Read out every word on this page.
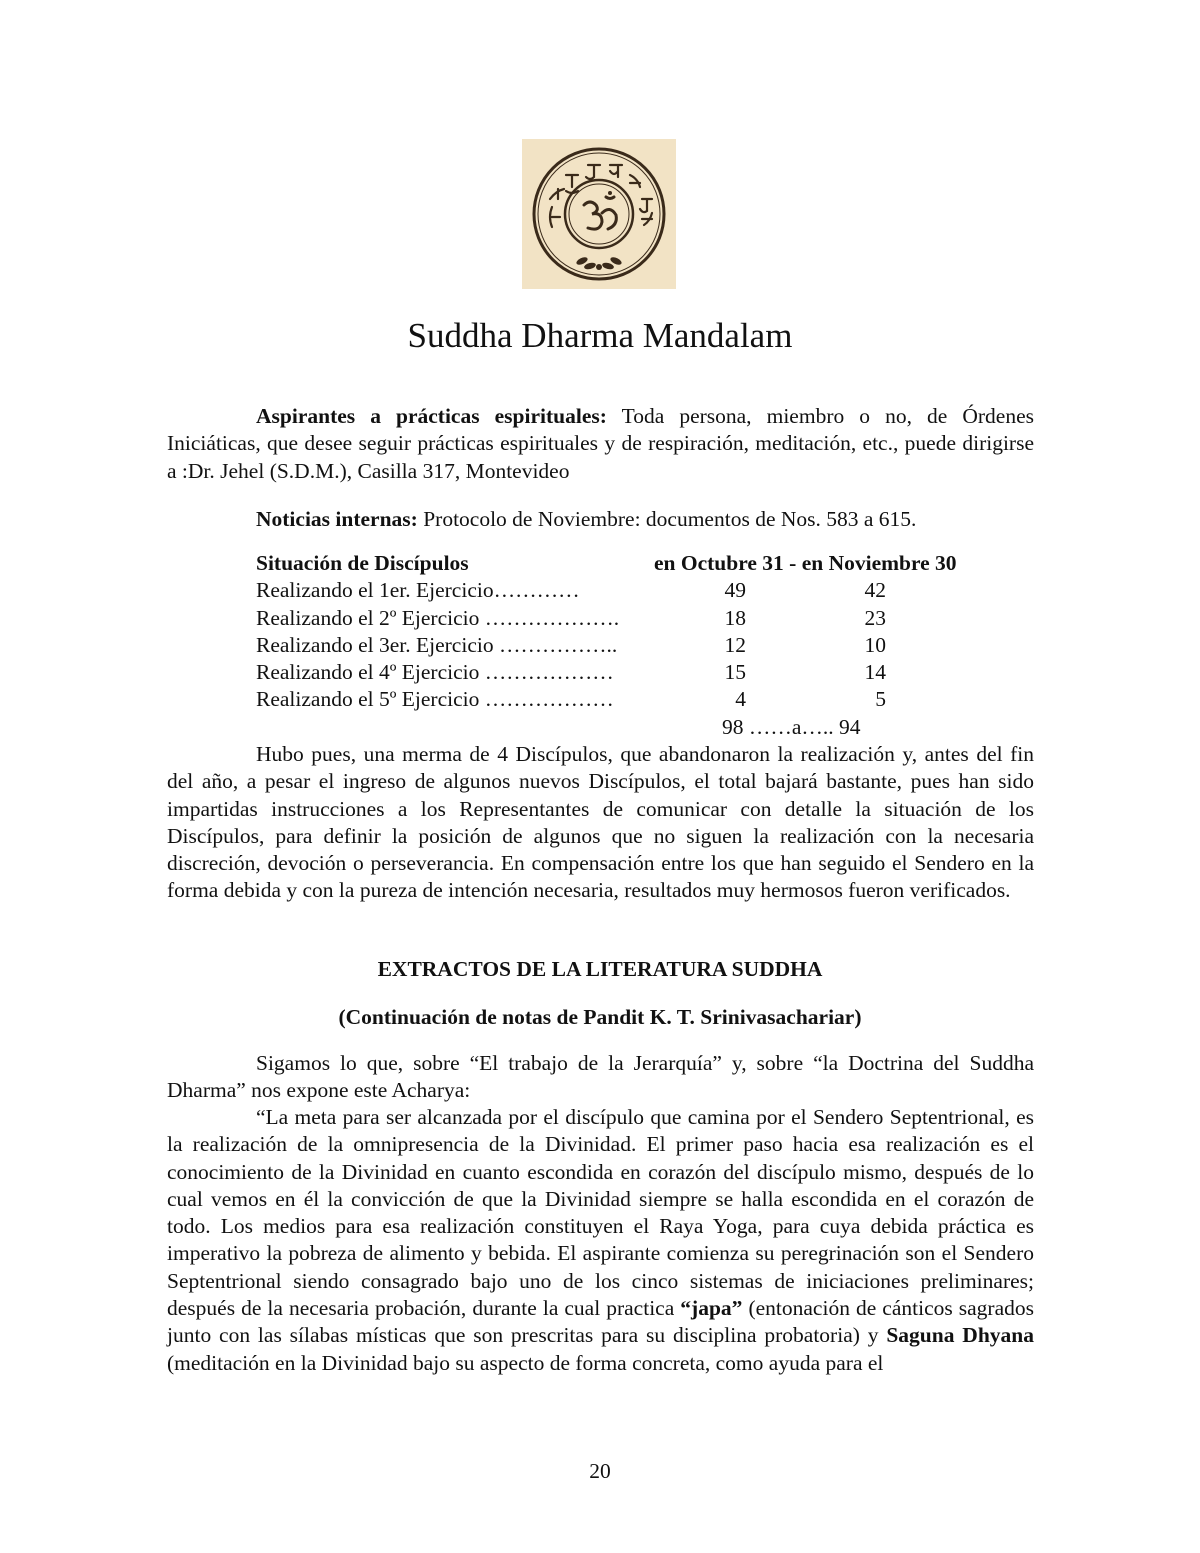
Suddha Dharma Mandalam

Aspirantes a prácticas espirituales: Toda persona, miembro o no, de Órdenes Iniciáticas, que desee seguir prácticas espirituales y de respiración, meditación, etc., puede dirigirse a :Dr. Jehel (S.D.M.), Casilla 317, Montevideo

Noticias internas: Protocolo de Noviembre: documentos de Nos. 583 a 615.

Situación de Discípulos	en Octubre 31 - en Noviembre 30
Realizando el 1er. Ejercicio…………	49	42
Realizando el 2º Ejercicio ……………….	18	23
Realizando el 3er. Ejercicio ……………..	12	10
Realizando el 4º Ejercicio ………………	15	14
Realizando el 5º Ejercicio ………………	4	5
98 ……a….. 94

Hubo pues, una merma de 4 Discípulos, que abandonaron la realización y, antes del fin del año, a pesar el ingreso de algunos nuevos Discípulos, el total bajará bastante, pues han sido impartidas instrucciones a los Representantes de comunicar con detalle la situación de los Discípulos, para definir la posición de algunos que no siguen la realización con la necesaria discreción, devoción o perseverancia. En compensación entre los que han seguido el Sendero en la forma debida y con la pureza de intención necesaria, resultados muy hermosos fueron verificados.

EXTRACTOS DE LA LITERATURA SUDDHA

(Continuación de notas de Pandit K. T. Srinivasachariar)

Sigamos lo que, sobre “El trabajo de la Jerarquía” y, sobre “la Doctrina del Suddha Dharma” nos expone este Acharya:

“La meta para ser alcanzada por el discípulo que camina por el Sendero Septentrional, es la realización de la omnipresencia de la Divinidad. El primer paso hacia esa realización es el conocimiento de la Divinidad en cuanto escondida en corazón del discípulo mismo, después de lo cual vemos en él la convicción de que la Divinidad siempre se halla escondida en el corazón de todo. Los medios para esa realización constituyen el Raya Yoga, para cuya debida práctica es imperativo la pobreza de alimento y bebida. El aspirante comienza su peregrinación son el Sendero Septentrional siendo consagrado bajo uno de los cinco sistemas de iniciaciones preliminares; después de la necesaria probación, durante la cual practica “japa” (entonación de cánticos sagrados junto con las sílabas místicas que son prescritas para su disciplina probatoria) y Saguna Dhyana (meditación en la Divinidad bajo su aspecto de forma concreta, como ayuda para el

20
